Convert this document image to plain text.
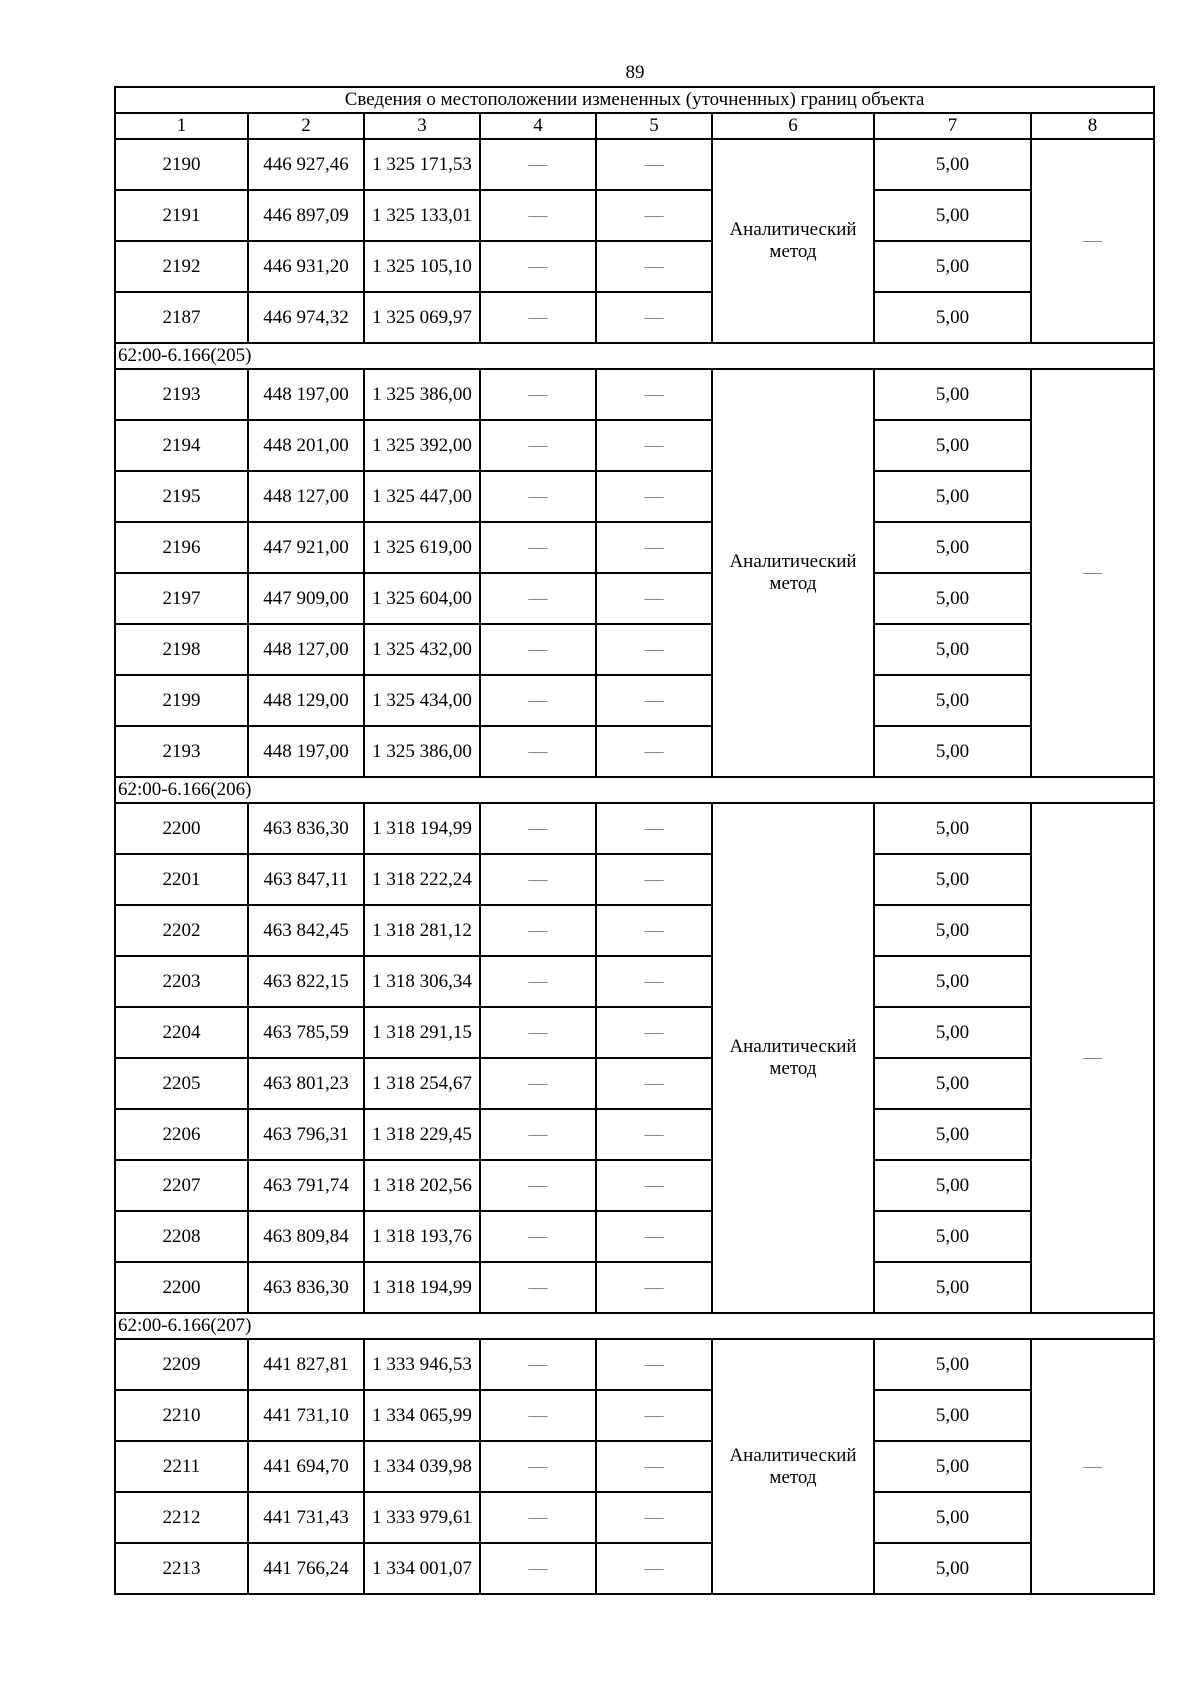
89
Сведения о местоположении измененных (уточненных) границ объекта							
1	2	3	4	5	6	7	8
2190	446 927,46	1 325 171,53	—	—	Аналитический метод	5,00	—
2191	446 897,09	1 325 133,01	—	—		5,00	
2192	446 931,20	1 325 105,10	—	—		5,00	
2187	446 974,32	1 325 069,97	—	—		5,00	
62:00-6.166(205)							
2193	448 197,00	1 325 386,00	—	—	Аналитический метод	5,00	—
2194	448 201,00	1 325 392,00	—	—		5,00	
2195	448 127,00	1 325 447,00	—	—		5,00	
2196	447 921,00	1 325 619,00	—	—		5,00	
2197	447 909,00	1 325 604,00	—	—		5,00	
2198	448 127,00	1 325 432,00	—	—		5,00	
2199	448 129,00	1 325 434,00	—	—		5,00	
2193	448 197,00	1 325 386,00	—	—		5,00	
62:00-6.166(206)							
2200	463 836,30	1 318 194,99	—	—	Аналитический метод	5,00	—
2201	463 847,11	1 318 222,24	—	—		5,00	
2202	463 842,45	1 318 281,12	—	—		5,00	
2203	463 822,15	1 318 306,34	—	—		5,00	
2204	463 785,59	1 318 291,15	—	—		5,00	
2205	463 801,23	1 318 254,67	—	—		5,00	
2206	463 796,31	1 318 229,45	—	—		5,00	
2207	463 791,74	1 318 202,56	—	—		5,00	
2208	463 809,84	1 318 193,76	—	—		5,00	
2200	463 836,30	1 318 194,99	—	—		5,00	
62:00-6.166(207)							
2209	441 827,81	1 333 946,53	—	—	Аналитический метод	5,00	—
2210	441 731,10	1 334 065,99	—	—		5,00	
2211	441 694,70	1 334 039,98	—	—		5,00	
2212	441 731,43	1 333 979,61	—	—		5,00	
2213	441 766,24	1 334 001,07	—	—		5,00	
